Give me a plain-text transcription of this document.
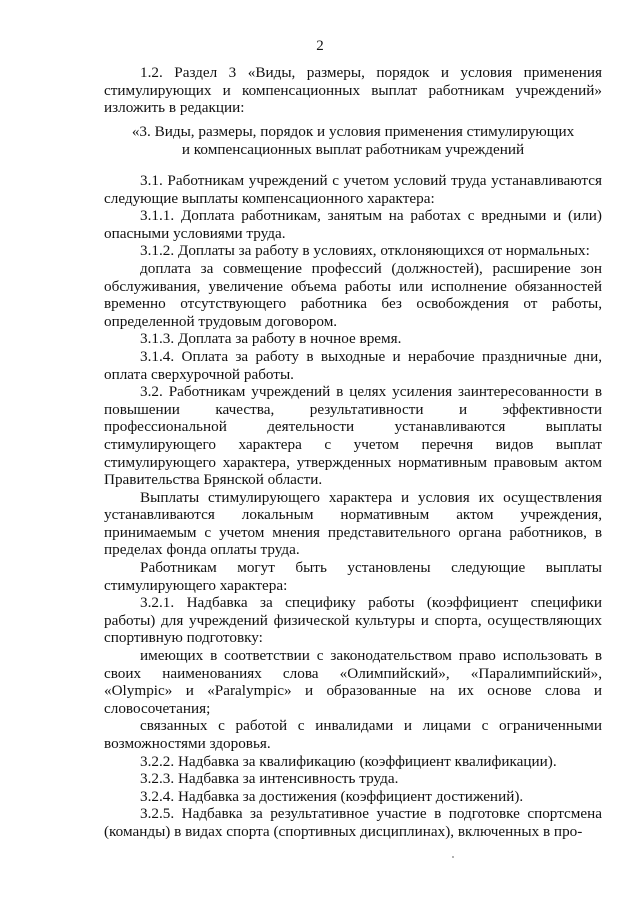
2

1.2. Раздел 3 «Виды, размеры, порядок и условия применения стимулирующих и компенсационных выплат работникам учреждений» изложить в редакции:

«3. Виды, размеры, порядок и условия применения стимулирующих
и компенсационных выплат работникам учреждений

3.1. Работникам учреждений с учетом условий труда устанавливаются следующие выплаты компенсационного характера:

3.1.1. Доплата работникам, занятым на работах с вредными и (или) опасными условиями труда.

3.1.2. Доплаты за работу в условиях, отклоняющихся от нормальных:

доплата за совмещение профессий (должностей), расширение зон обслуживания, увеличение объема работы или исполнение обязанностей временно отсутствующего работника без освобождения от работы, определенной трудовым договором.

3.1.3. Доплата за работу в ночное время.

3.1.4. Оплата за работу в выходные и нерабочие праздничные дни, оплата сверхурочной работы.

3.2. Работникам учреждений в целях усиления заинтересованности в повышении качества, результативности и эффективности профессиональной деятельности устанавливаются выплаты стимулирующего характера с учетом перечня видов выплат стимулирующего характера, утвержденных нормативным правовым актом Правительства Брянской области.

Выплаты стимулирующего характера и условия их осуществления устанавливаются локальным нормативным актом учреждения, принимаемым с учетом мнения представительного органа работников, в пределах фонда оплаты труда.

Работникам могут быть установлены следующие выплаты стимулирующего характера:

3.2.1. Надбавка за специфику работы (коэффициент специфики работы) для учреждений физической культуры и спорта, осуществляющих спортивную подготовку:

имеющих в соответствии с законодательством право использовать в своих наименованиях слова «Олимпийский», «Паралимпийский», «Olympic» и «Paralympic» и образованные на их основе слова и словосочетания;

связанных с работой с инвалидами и лицами с ограниченными возможностями здоровья.

3.2.2. Надбавка за квалификацию (коэффициент квалификации).

3.2.3. Надбавка за интенсивность труда.

3.2.4. Надбавка за достижения (коэффициент достижений).

3.2.5. Надбавка за результативное участие в подготовке спортсмена (команды) в видах спорта (спортивных дисциплинах), включенных в про-
